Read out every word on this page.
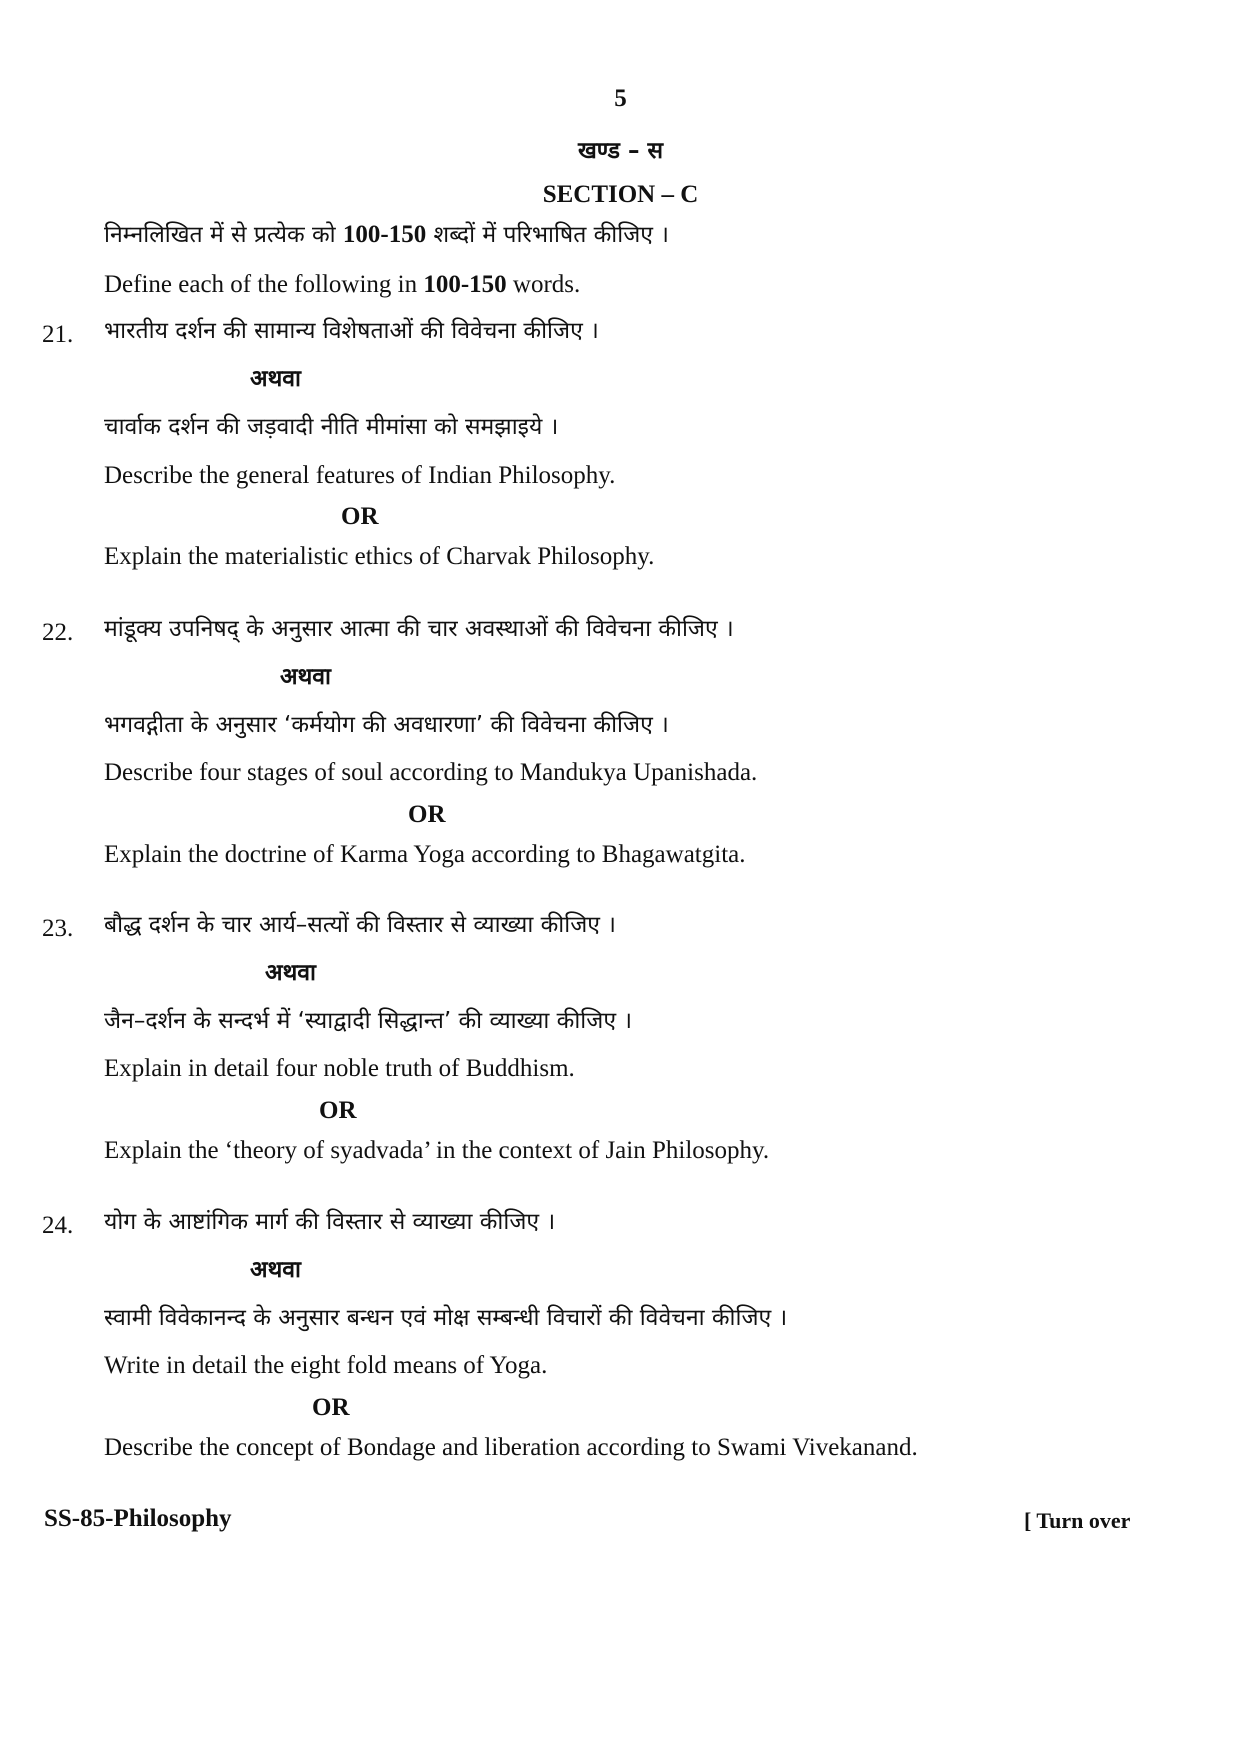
5
खण्ड – स
SECTION – C
निम्नलिखित में से प्रत्येक को 100-150 शब्दों में परिभाषित कीजिए ।
Define each of the following in 100-150 words.
21. भारतीय दर्शन की सामान्य विशेषताओं की विवेचना कीजिए ।
अथवा
चार्वाक दर्शन की जड़वादी नीति मीमांसा को समझाइये ।
Describe the general features of Indian Philosophy.
OR
Explain the materialistic ethics of Charvak Philosophy.
22. मांडूक्य उपनिषद् के अनुसार आत्मा की चार अवस्थाओं की विवेचना कीजिए ।
अथवा
भगवद्गीता के अनुसार ‘कर्मयोग की अवधारणा’ की विवेचना कीजिए ।
Describe four stages of soul according to Mandukya Upanishada.
OR
Explain the doctrine of Karma Yoga according to Bhagawatgita.
23. बौद्ध दर्शन के चार आर्य–सत्यों की विस्तार से व्याख्या कीजिए ।
अथवा
जैन–दर्शन के सन्दर्भ में ‘स्याद्वादी सिद्धान्त’ की व्याख्या कीजिए ।
Explain in detail four noble truth of Buddhism.
OR
Explain the ‘theory of syadvada’ in the context of Jain Philosophy.
24. योग के आष्टांगिक मार्ग की विस्तार से व्याख्या कीजिए ।
अथवा
स्वामी विवेकानन्द के अनुसार बन्धन एवं मोक्ष सम्बन्धी विचारों की विवेचना कीजिए ।
Write in detail the eight fold means of Yoga.
OR
Describe the concept of Bondage and liberation according to Swami Vivekanand.
SS-85-Philosophy	[ Turn over
